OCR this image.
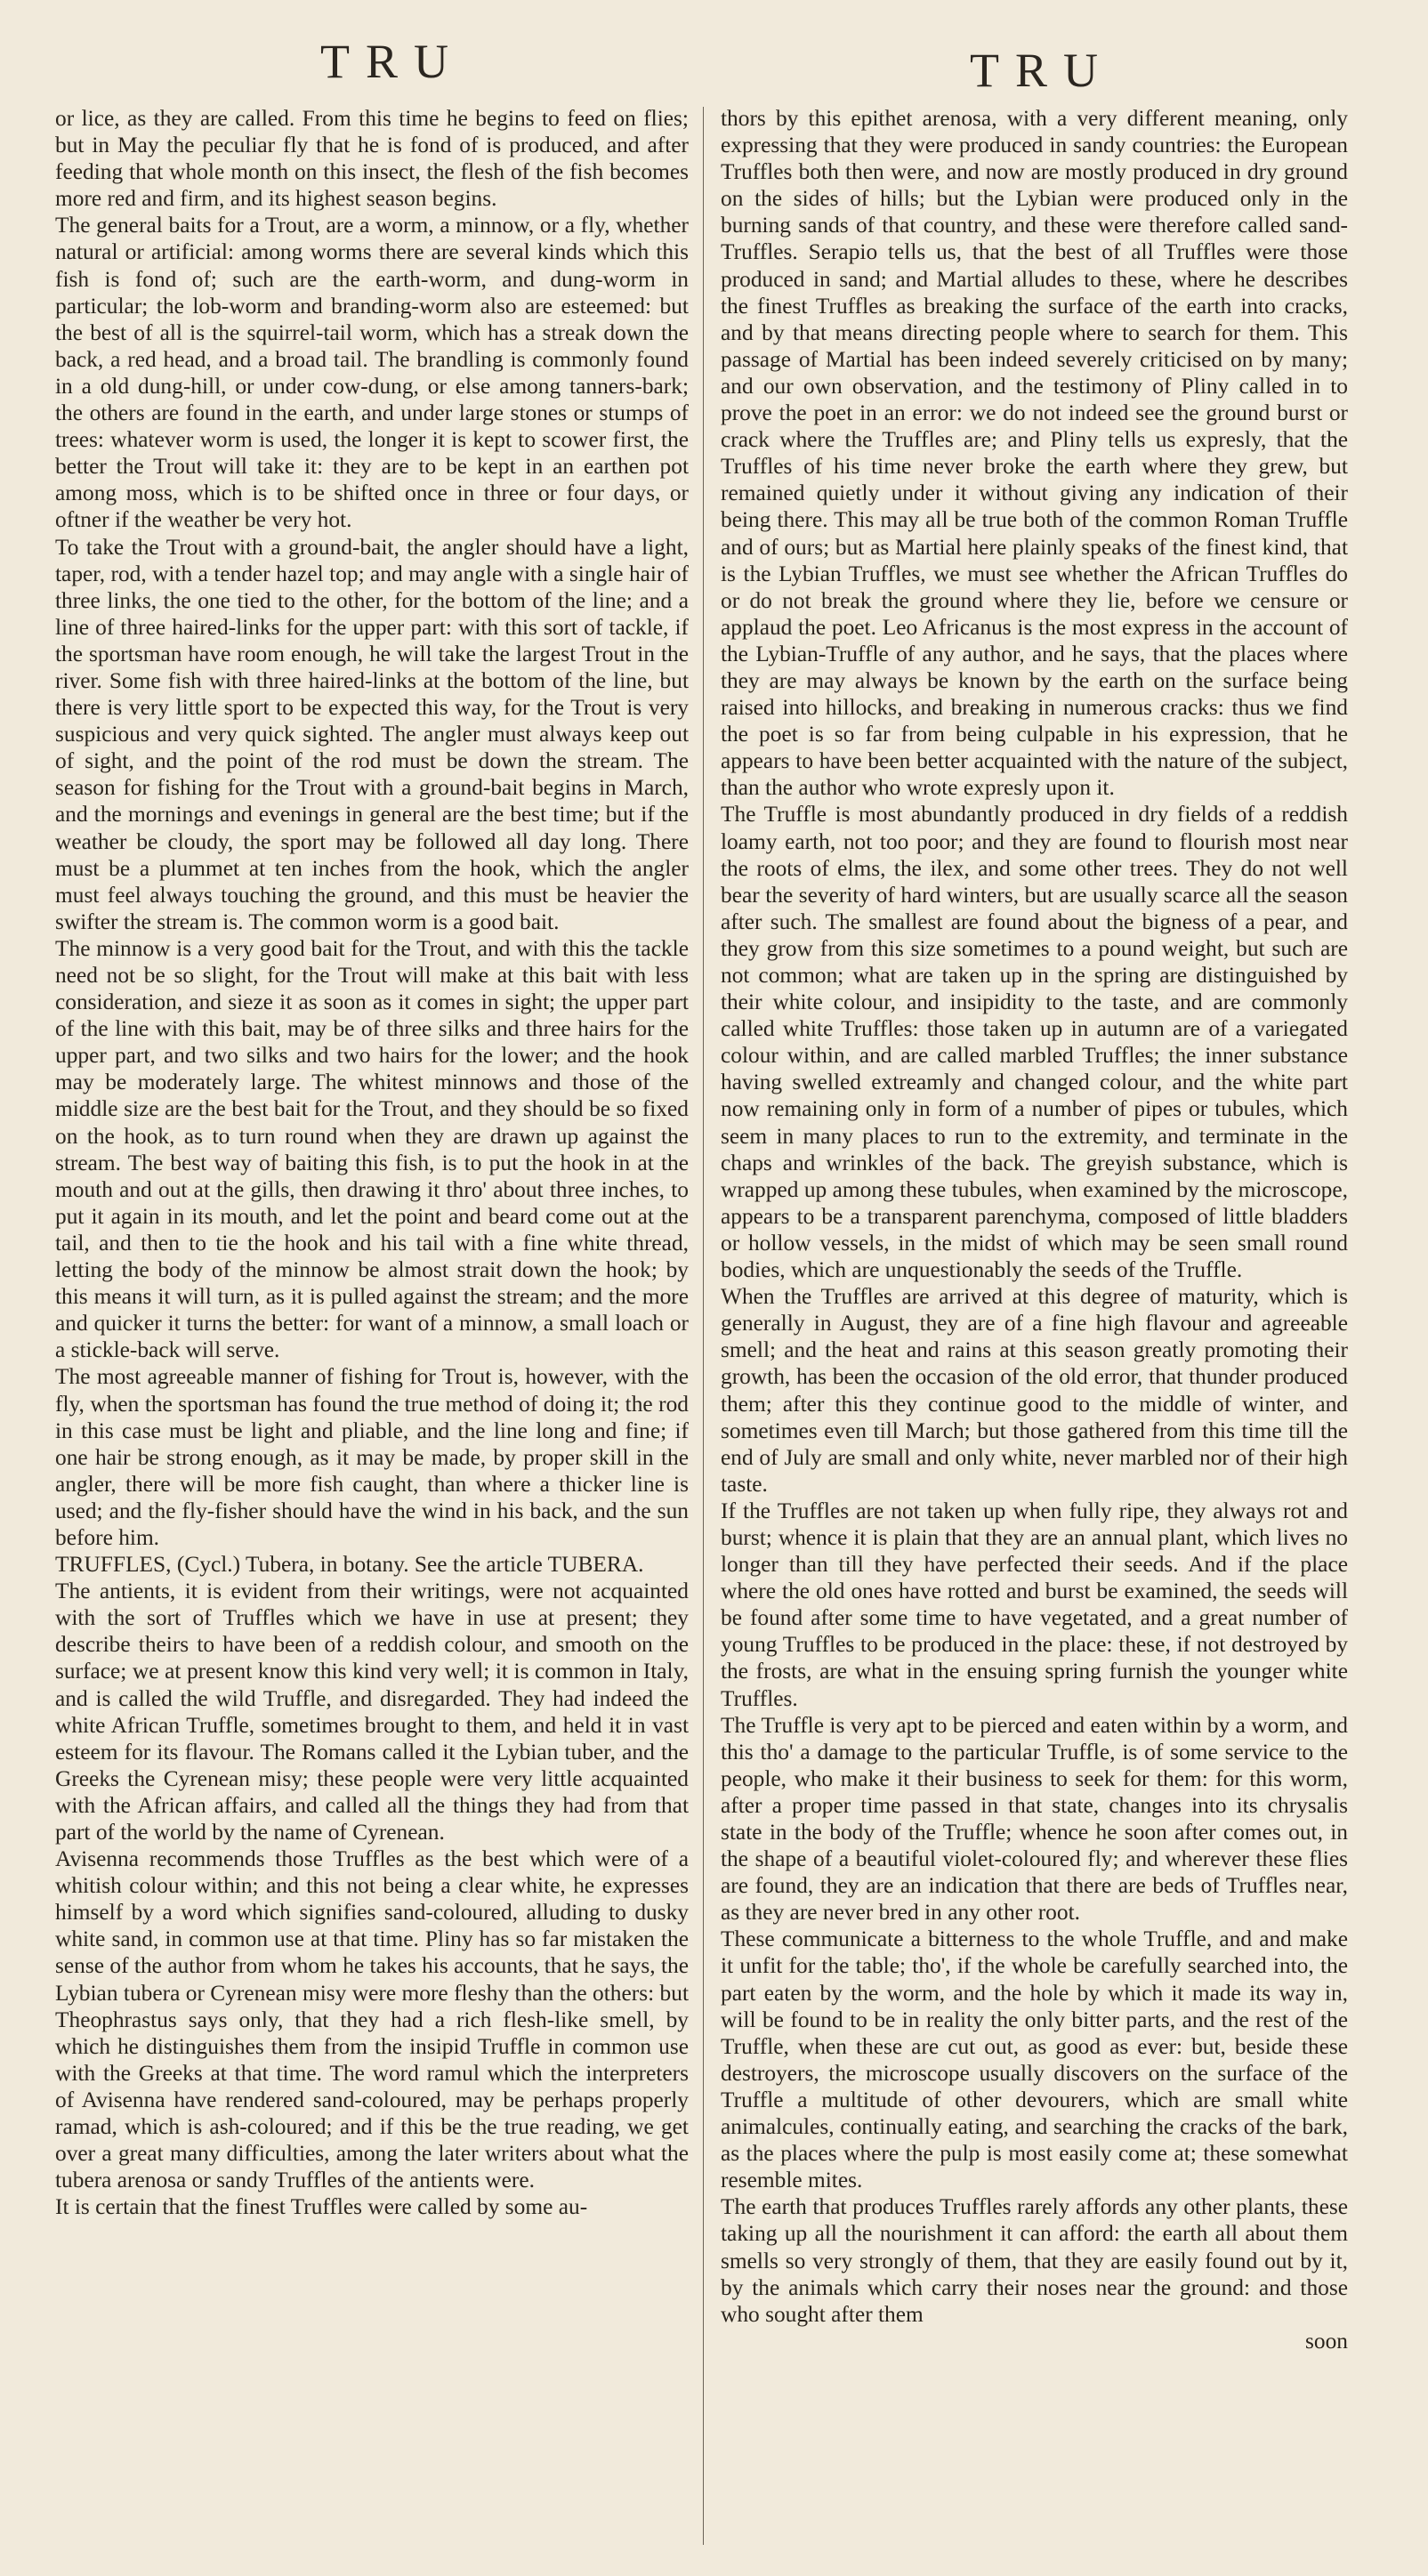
TRU	TRU

or lice, as they are called. From this time he begins to feed on flies; but in May the peculiar fly that he is fond of is produced, and after feeding that whole month on this insect, the flesh of the fish becomes more red and firm, and its highest season begins.

The general baits for a Trout, are a worm, a minnow, or a fly, whether natural or artificial: among worms there are several kinds which this fish is fond of; such are the earth-worm, and dung-worm in particular; the lob-worm and branding-worm also are esteemed: but the best of all is the squirrel-tail worm, which has a streak down the back, a red head, and a broad tail. The brandling is commonly found in a old dung-hill, or under cow-dung, or else among tanners-bark; the others are found in the earth, and under large stones or stumps of trees: whatever worm is used, the longer it is kept to scower first, the better the Trout will take it: they are to be kept in an earthen pot among moss, which is to be shifted once in three or four days, or oftner if the weather be very hot.

To take the Trout with a ground-bait, the angler should have a light, taper, rod, with a tender hazel top; and may angle with a single hair of three links, the one tied to the other, for the bottom of the line; and a line of three haired-links for the upper part: with this sort of tackle, if the sportsman have room enough, he will take the largest Trout in the river. Some fish with three haired-links at the bottom of the line, but there is very little sport to be expected this way, for the Trout is very suspicious and very quick sighted. The angler must always keep out of sight, and the point of the rod must be down the stream. The season for fishing for the Trout with a ground-bait begins in March, and the mornings and evenings in general are the best time; but if the weather be cloudy, the sport may be followed all day long. There must be a plummet at ten inches from the hook, which the angler must feel always touching the ground, and this must be heavier the swifter the stream is. The common worm is a good bait.

The minnow is a very good bait for the Trout, and with this the tackle need not be so slight, for the Trout will make at this bait with less consideration, and sieze it as soon as it comes in sight; the upper part of the line with this bait, may be of three silks and three hairs for the upper part, and two silks and two hairs for the lower; and the hook may be moderately large. The whitest minnows and those of the middle size are the best bait for the Trout, and they should be so fixed on the hook, as to turn round when they are drawn up against the stream. The best way of baiting this fish, is to put the hook in at the mouth and out at the gills, then drawing it thro' about three inches, to put it again in its mouth, and let the point and beard come out at the tail, and then to tie the hook and his tail with a fine white thread, letting the body of the minnow be almost strait down the hook; by this means it will turn, as it is pulled against the stream; and the more and quicker it turns the better: for want of a minnow, a small loach or a stickle-back will serve.

The most agreeable manner of fishing for Trout is, however, with the fly, when the sportsman has found the true method of doing it; the rod in this case must be light and pliable, and the line long and fine; if one hair be strong enough, as it may be made, by proper skill in the angler, there will be more fish caught, than where a thicker line is used; and the fly-fisher should have the wind in his back, and the sun before him.

TRUFFLES, (Cycl.) Tubera, in botany. See the article TUBERA.

The antients, it is evident from their writings, were not acquainted with the sort of Truffles which we have in use at present; they describe theirs to have been of a reddish colour, and smooth on the surface; we at present know this kind very well; it is common in Italy, and is called the wild Truffle, and disregarded. They had indeed the white African Truffle, sometimes brought to them, and held it in vast esteem for its flavour. The Romans called it the Lybian tuber, and the Greeks the Cyrenean misy; these people were very little acquainted with the African affairs, and called all the things they had from that part of the world by the name of Cyrenean.

Avisenna recommends those Truffles as the best which were of a whitish colour within; and this not being a clear white, he expresses himself by a word which signifies sand-coloured, alluding to dusky white sand, in common use at that time. Pliny has so far mistaken the sense of the author from whom he takes his accounts, that he says, the Lybian tubera or Cyrenean misy were more fleshy than the others: but Theophrastus says only, that they had a rich flesh-like smell, by which he distinguishes them from the insipid Truffle in common use with the Greeks at that time. The word ramul which the interpreters of Avisenna have rendered sand-coloured, may be perhaps properly ramad, which is ash-coloured; and if this be the true reading, we get over a great many difficulties, among the later writers about what the tubera arenosa or sandy Truffles of the antients were.

It is certain that the finest Truffles were called by some au-

thors by this epithet arenosa, with a very different meaning, only expressing that they were produced in sandy countries: the European Truffles both then were, and now are mostly produced in dry ground on the sides of hills; but the Lybian were produced only in the burning sands of that country, and these were therefore called sand-Truffles. Serapio tells us, that the best of all Truffles were those produced in sand; and Martial alludes to these, where he describes the finest Truffles as breaking the surface of the earth into cracks, and by that means directing people where to search for them. This passage of Martial has been indeed severely criticised on by many; and our own observation, and the testimony of Pliny called in to prove the poet in an error: we do not indeed see the ground burst or crack where the Truffles are; and Pliny tells us expresly, that the Truffles of his time never broke the earth where they grew, but remained quietly under it without giving any indication of their being there. This may all be true both of the common Roman Truffle and of ours; but as Martial here plainly speaks of the finest kind, that is the Lybian Truffles, we must see whether the African Truffles do or do not break the ground where they lie, before we censure or applaud the poet. Leo Africanus is the most express in the account of the Lybian-Truffle of any author, and he says, that the places where they are may always be known by the earth on the surface being raised into hillocks, and breaking in numerous cracks: thus we find the poet is so far from being culpable in his expression, that he appears to have been better acquainted with the nature of the subject, than the author who wrote expresly upon it.

The Truffle is most abundantly produced in dry fields of a reddish loamy earth, not too poor; and they are found to flourish most near the roots of elms, the ilex, and some other trees. They do not well bear the severity of hard winters, but are usually scarce all the season after such. The smallest are found about the bigness of a pear, and they grow from this size sometimes to a pound weight, but such are not common; what are taken up in the spring are distinguished by their white colour, and insipidity to the taste, and are commonly called white Truffles: those taken up in autumn are of a variegated colour within, and are called marbled Truffles; the inner substance having swelled extreamly and changed colour, and the white part now remaining only in form of a number of pipes or tubules, which seem in many places to run to the extremity, and terminate in the chaps and wrinkles of the back. The greyish substance, which is wrapped up among these tubules, when examined by the microscope, appears to be a transparent parenchyma, composed of little bladders or hollow vessels, in the midst of which may be seen small round bodies, which are unquestionably the seeds of the Truffle.

When the Truffles are arrived at this degree of maturity, which is generally in August, they are of a fine high flavour and agreeable smell; and the heat and rains at this season greatly promoting their growth, has been the occasion of the old error, that thunder produced them; after this they continue good to the middle of winter, and sometimes even till March; but those gathered from this time till the end of July are small and only white, never marbled nor of their high taste.

If the Truffles are not taken up when fully ripe, they always rot and burst; whence it is plain that they are an annual plant, which lives no longer than till they have perfected their seeds. And if the place where the old ones have rotted and burst be examined, the seeds will be found after some time to have vegetated, and a great number of young Truffles to be produced in the place: these, if not destroyed by the frosts, are what in the ensuing spring furnish the younger white Truffles.

The Truffle is very apt to be pierced and eaten within by a worm, and this tho' a damage to the particular Truffle, is of some service to the people, who make it their business to seek for them: for this worm, after a proper time passed in that state, changes into its chrysalis state in the body of the Truffle; whence he soon after comes out, in the shape of a beautiful violet-coloured fly; and wherever these flies are found, they are an indication that there are beds of Truffles near, as they are never bred in any other root.

These communicate a bitterness to the whole Truffle, and and make it unfit for the table; tho', if the whole be carefully searched into, the part eaten by the worm, and the hole by which it made its way in, will be found to be in reality the only bitter parts, and the rest of the Truffle, when these are cut out, as good as ever: but, beside these destroyers, the microscope usually discovers on the surface of the Truffle a multitude of other devourers, which are small white animalcules, continually eating, and searching the cracks of the bark, as the places where the pulp is most easily come at; these somewhat resemble mites.

The earth that produces Truffles rarely affords any other plants, these taking up all the nourishment it can afford: the earth all about them smells so very strongly of them, that they are easily found out by it, by the animals which carry their noses near the ground: and those who sought after them

soon
